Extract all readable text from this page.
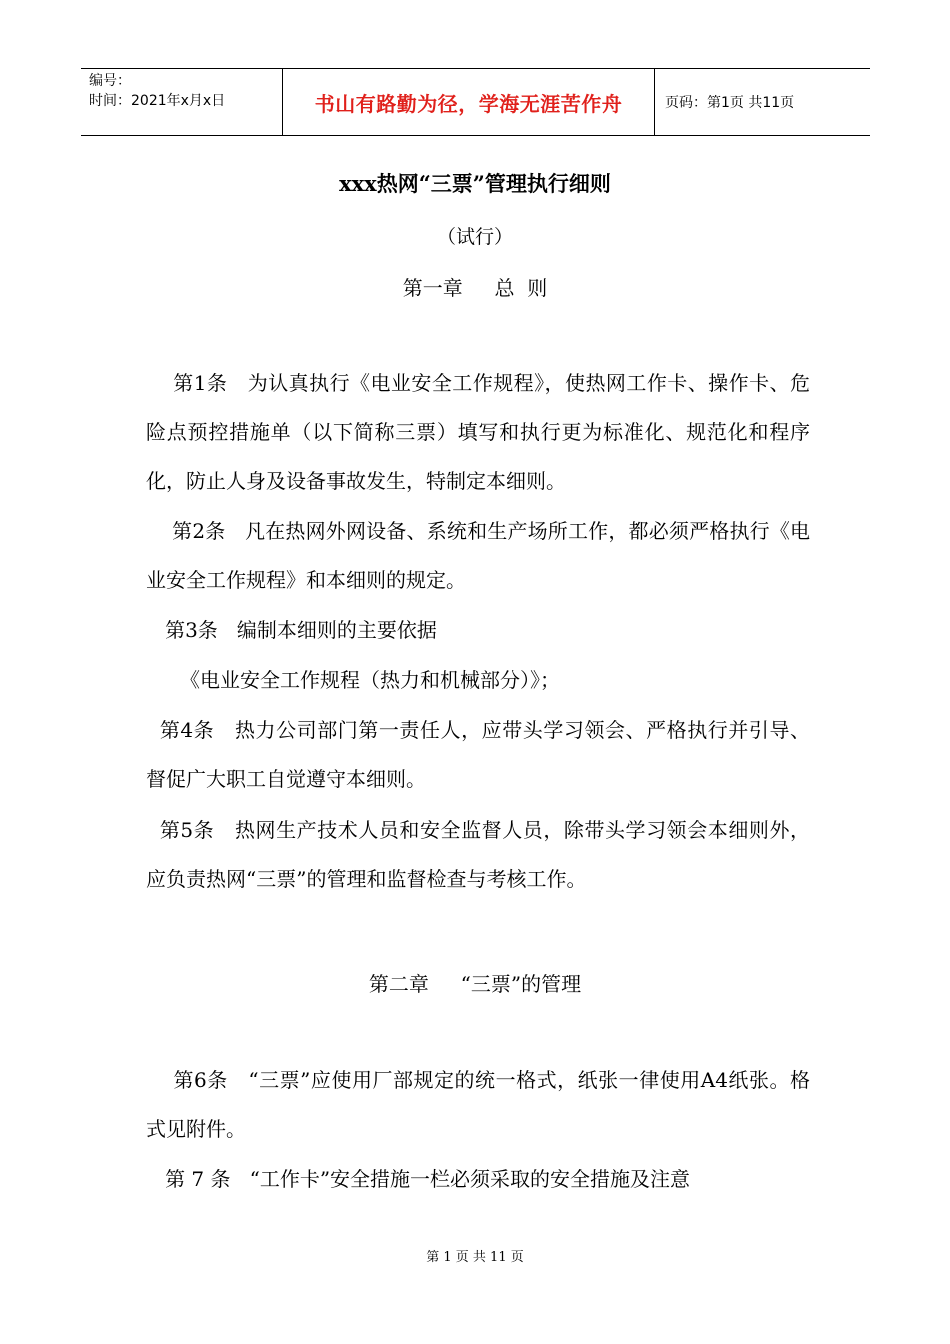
编号：
时间：2021年x月x日	书山有路勤为径，学海无涯苦作舟	页码：第1页 共11页
xxx热网“三票”管理执行细则
（试行）
第一章     总  则
第1条   为认真执行《电业安全工作规程》，使热网工作卡、操作卡、危险点预控措施单（以下简称三票）填写和执行更为标准化、规范化和程序化，防止人身及设备事故发生，特制定本细则。
第2条   凡在热网外网设备、系统和生产场所工作，都必须严格执行《电业安全工作规程》和本细则的规定。
第3条   编制本细则的主要依据
《电业安全工作规程（热力和机械部分）》；
第4条   热力公司部门第一责任人，应带头学习领会、严格执行并引导、督促广大职工自觉遵守本细则。
第5条   热网生产技术人员和安全监督人员，除带头学习领会本细则外，应负责热网“三票”的管理和监督检查与考核工作。
第二章     “三票”的管理
第6条   “三票”应使用厂部规定的统一格式，纸张一律使用A4纸张。格式见附件。
第 7 条   “工作卡”安全措施一栏必须采取的安全措施及注意
第 1 页 共 11 页
